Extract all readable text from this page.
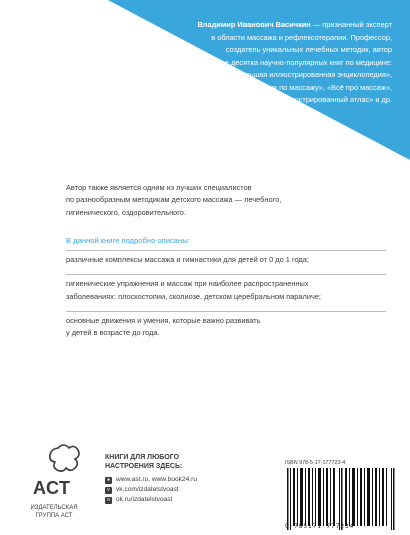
Владимир Иванович Васичкин — признанный эксперт
в области массажа и рефлексотерапии. Профессор,
создатель уникальных лечебных методик, автор
более десятка научно-популярных книг по медицине:
«Массаж. Большая иллюстрированная энциклопедия»,
«Большой справочник по массажу», «Всё про массаж»,
«Целительные точки. Иллюстрированный атлас» и др.

Автор также является одним из лучших специалистов

по разнообразным методикам детского массажа — лечебного,

гигиенического, оздоровительного.

В данной книге подробно описаны:
различные комплексы массажа и гимнастики для детей от 0 до 1 года;
гигиенические упражнения и массаж при наиболее распространенных
заболеваниях: плоскостопии, сколиозе, детском церебральном параличе;
основные движения и умения, которые важно развивать
у детей в возрасте до года.
ACT
ИЗДАТЕЛЬСКАЯ
ГРУППА АСТ
КНИГИ ДЛЯ ЛЮБОГО
НАСТРОЕНИЯ ЗДЕСЬ:
● www.ast.ru, www.book24.ru
v vk.com/izdatelstvoast
o ok.ru/izdatelstvoast
ISBN 978-5-17-177723-4
9 785171 777234
